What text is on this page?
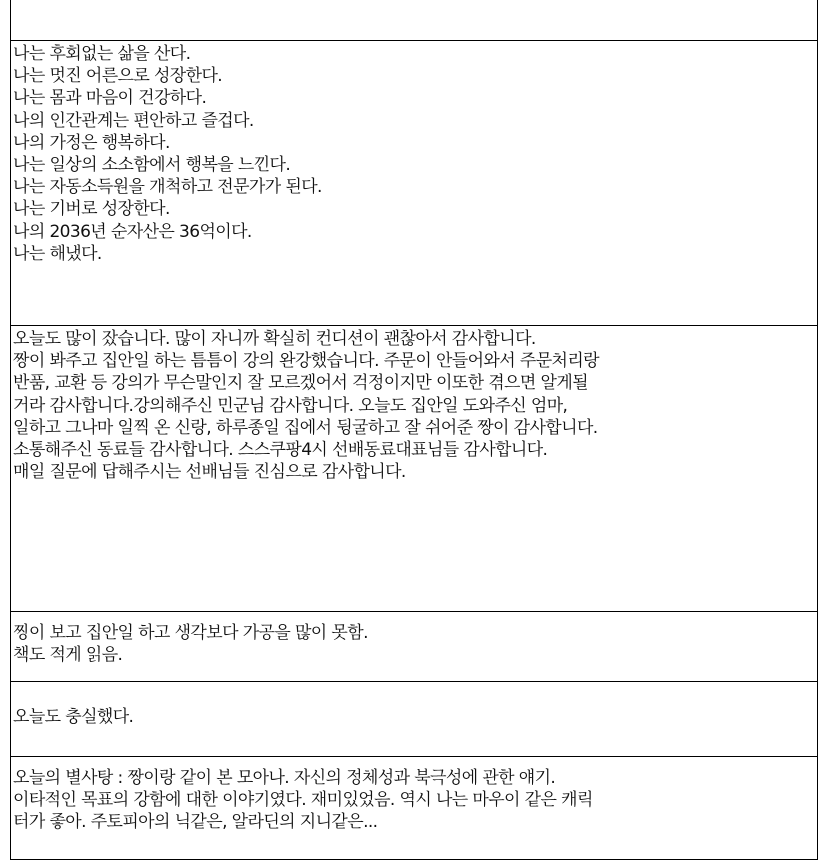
나는 후회없는 삶을 산다.
나는 멋진 어른으로 성장한다.
나는 몸과 마음이 건강하다.
나의 인간관계는 편안하고 즐겁다.
나의 가정은 행복하다.
나는 일상의 소소함에서 행복을 느낀다.
나는 자동소득원을 개척하고 전문가가 된다.
나는 기버로 성장한다.
나의 2036년 순자산은 36억이다.
나는 해냈다.
오늘도 많이 잤습니다. 많이 자니까 확실히 컨디션이 괜찮아서 감사합니다.
짱이 봐주고 집안일 하는 틈틈이 강의 완강했습니다. 주문이 안들어와서 주문처리랑
반품, 교환 등 강의가 무슨말인지 잘 모르겠어서 걱정이지만 이또한 겪으면 알게될
거라 감사합니다.강의해주신 민군님 감사합니다. 오늘도 집안일 도와주신 엄마,
일하고 그나마 일찍 온 신랑, 하루종일 집에서 뒹굴하고 잘 쉬어준 짱이 감사합니다.
소통해주신 동료들 감사합니다. 스스쿠팡4시 선배동료대표님들 감사합니다.
매일 질문에 답해주시는 선배님들 진심으로 감사합니다.
찡이 보고 집안일 하고 생각보다 가공을 많이 못함.
책도 적게 읽음.
오늘도 충실했다.
오늘의 별사탕 : 짱이랑 같이 본 모아나. 자신의 정체성과 북극성에 관한 얘기.
이타적인 목표의 강함에 대한 이야기였다. 재미있었음. 역시 나는 마우이 같은 캐릭
터가 좋아. 주토피아의 닉같은, 알라딘의 지니같은...
